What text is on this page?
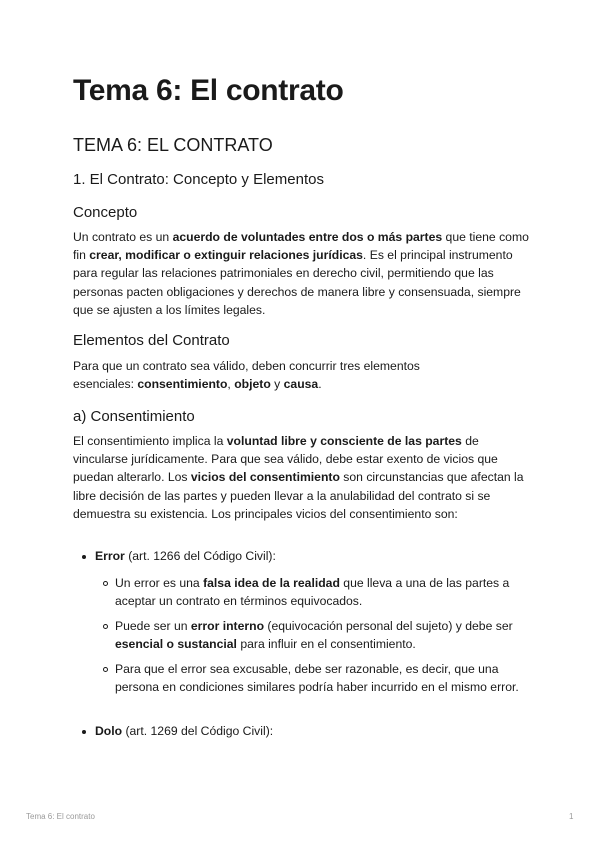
Tema 6: El contrato
TEMA 6: EL CONTRATO
1. El Contrato: Concepto y Elementos
Concepto

Un contrato es un acuerdo de voluntades entre dos o más partes que tiene como fin crear, modificar o extinguir relaciones jurídicas. Es el principal instrumento para regular las relaciones patrimoniales en derecho civil, permitiendo que las personas pacten obligaciones y derechos de manera libre y consensuada, siempre que se ajusten a los límites legales.

Elementos del Contrato

Para que un contrato sea válido, deben concurrir tres elementos esenciales: consentimiento, objeto y causa.

a) Consentimiento

El consentimiento implica la voluntad libre y consciente de las partes de vincularse jurídicamente. Para que sea válido, debe estar exento de vicios que puedan alterarlo. Los vicios del consentimiento son circunstancias que afectan la libre decisión de las partes y pueden llevar a la anulabilidad del contrato si se demuestra su existencia. Los principales vicios del consentimiento son:

Error (art. 1266 del Código Civil):

Un error es una falsa idea de la realidad que lleva a una de las partes a aceptar un contrato en términos equivocados.

Puede ser un error interno (equivocación personal del sujeto) y debe ser esencial o sustancial para influir en el consentimiento.

Para que el error sea excusable, debe ser razonable, es decir, que una persona en condiciones similares podría haber incurrido en el mismo error.

Dolo (art. 1269 del Código Civil):

Tema 6: El contrato	1
